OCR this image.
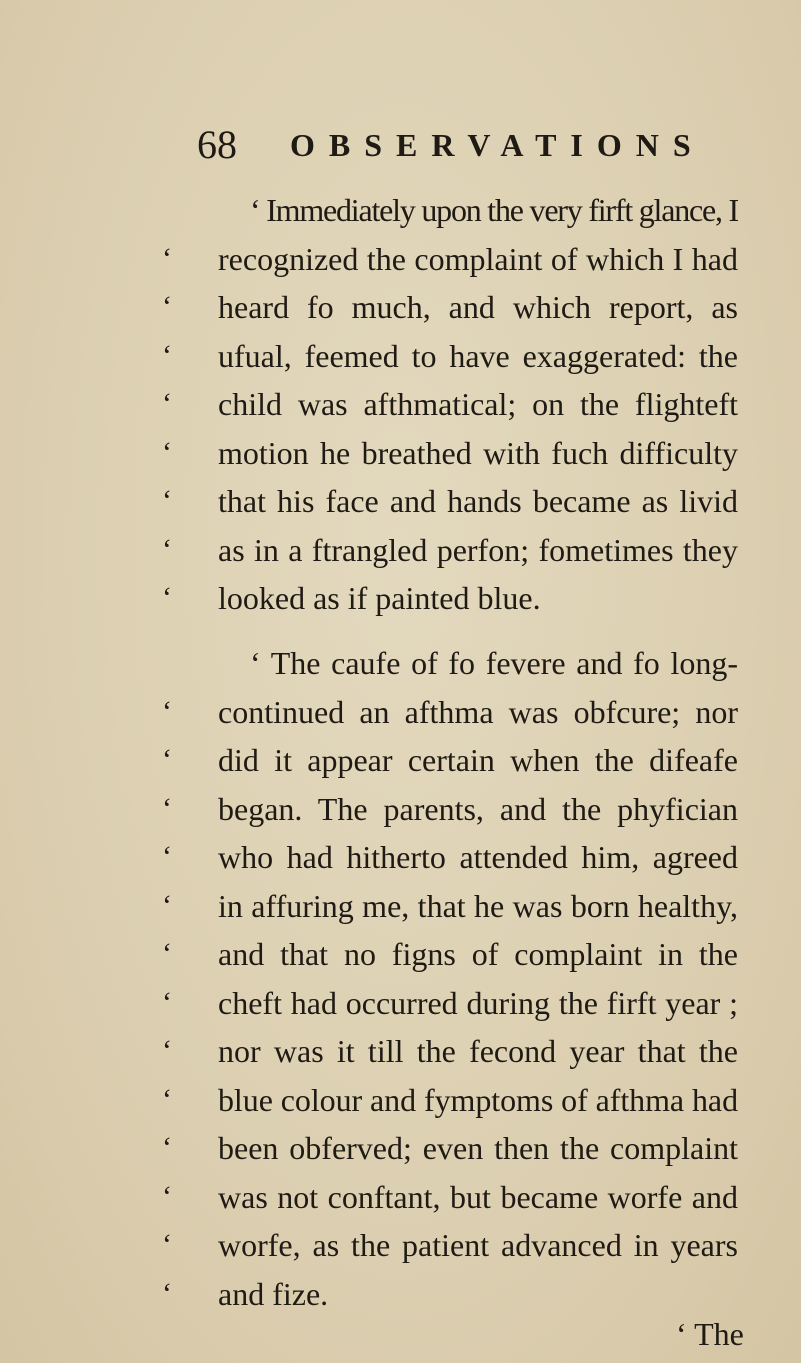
68 OBSERVATIONS
‘ Immediately upon the very firft glance, I
‘ recognized the complaint of which I had
‘ heard fo much, and which report, as
‘ ufual, feemed to have exaggerated: the
‘ child was afthmatical; on the flighteft
‘ motion he breathed with fuch difficulty
‘ that his face and hands became as livid
‘ as in a ftrangled perfon; fometimes they
‘ looked as if painted blue.
‘ The caufe of fo fevere and fo long-
‘ continued an afthma was obfcure; nor
‘ did it appear certain when the difeafe
‘ began. The parents, and the phyfician
‘ who had hitherto attended him, agreed
‘ in affuring me, that he was born healthy,
‘ and that no figns of complaint in the
‘ cheft had occurred during the firft year ;
‘ nor was it till the fecond year that the
‘ blue colour and fymptoms of afthma had
‘ been obferved; even then the complaint
‘ was not conftant, but became worfe and
‘ worfe, as the patient advanced in years
‘ and fize.
‘ The
